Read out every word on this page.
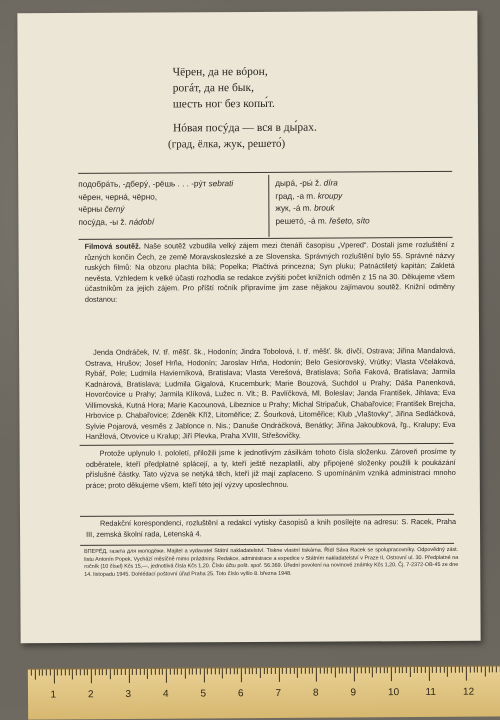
Чёрен, да не вóрон,

рогáт, да не бык,

шесть ног без копы́т.

Нóвая посýда — вся в ды́рах.

(град, ёлка, жук, решето́)

подобрáть, -дберý, -рёшь . . . -рýт sebrati
чёрен, чернá, чёрно,
чёрны černý
посýда, -ы ž. nádobí
дырá, -ры́ ž. díra
град, -а m. kroupy
жук, -á m. brouk
решетó, -á m. řešeto, síto

Filmová soutěž. Naše soutěž vzbudila velký zájem mezi čtenáři časopisu „Vpered“. Dostali jsme rozluštění z různých končin Čech, ze země Moravskoslezské a ze Slovenska. Správných rozluštění bylo 55. Správné názvy ruských filmů: Na obzoru plachta bílá; Popelka; Plačtivá princezna; Syn pluku; Patnáctiletý kapitán; Zakletá nevěsta. Vzhledem k velké účasti rozhodla se redakce zvýšiti počet knižních odměn z 15 na 30. Děkujeme všem účastníkům za jejich zájem. Pro příští ročník připravíme jim zase nějakou zajímavou soutěž. Knižní odměny dostanou:

Jenda Ondráček, IV. tř. měšť. šk., Hodonín; Jindra Tobolová, I. tř. měšť. šk. dívčí, Ostrava; Jiřina Mandalová, Ostrava, Hrušov; Josef Hrňa, Hodonín; Jaroslav Hrňa, Hodonín; Belo Gesiorovský, Vrútky; Vlasta Včeláková, Rybář, Pole; Ludmila Havierníková, Bratislava; Vlasta Verešová, Bratislava; Soňa Faková, Bratislava; Jarmila Kadnárová, Bratislava; Ludmila Gigalová, Krucemburk; Marie Bouzová, Suchdol u Prahy; Dáša Panenková, Hovorčovice u Prahy; Jarmila Klíková, Lužec n. Vlt.; B. Pavlíčková, Ml. Boleslav; Janda František, Jihlava; Eva Villimovská, Kutná Hora; Marie Kacounová, Libeznice u Prahy; Michal Stripačuk, Chabařovice; František Brejcha, Hrbovice p. Chabařovice; Zdeněk Kříž, Litoměřice; Z. Šourková, Litoměřice; Klub „Vlaštovky“, Jiřina Sedláčková, Sylvie Pojarová, vesměs z Jablonce n. Nis.; Danuše Ondráčková, Benátky; Jiřina Jakoubková, řg., Kralupy; Eva Hanžlová, Otvovice u Kralup; Jiří Plevka, Praha XVIII, Střešovičky.

Protože uplynulo I. pololetí, přiložili jsme k jednotlivým zásilkám tohoto čísla složenku. Zároveň prosíme ty odběratele, kteří předplatné splácejí, a ty, kteří ještě nezaplatili, aby připojené složenky použili k poukázání příslušné částky. Tato výzva se netýká těch, kteří již mají zaplaceno. S upomínáním vzniká administraci mnoho práce; proto děkujeme všem, kteří této její výzvy uposlechnou.

Redakční korespondenci, rozluštění a redakcí vytisky časopisů a knih posílejte na adresu: S. Racek, Praha III, zemská školní rada, Letenská 4.

ВПЕРЁД, газета для молодёжи. Majitel a vydavatel Státní nakladatelství. Tiskne vlastní tiskárna. Řídí Sáva Racek se spolupracovníky. Odpovědný zást. listu Antonín Popek. Vychází měsíčně mimo prázdniny. Redakce, administrace a expedice v Státním nakladatelství v Praze II, Ostrovní ul. 30. Předplatné na ročník (10 čísel) Kčs 15,—, jednotlivá čísla Kčs 1,20. Číslo účtu pošt. spoř. 56.369. Úřední povolení na novinové známky Kčs 1,20, Čj. 7-2372-OB-45 ze dne 14. listopadu 1945. Dohlédací poštovní úřad Praha 25. Toto číslo vyšlo 8. března 1948.

1	2	3	4	5	6	7	8	9	10	11	12
